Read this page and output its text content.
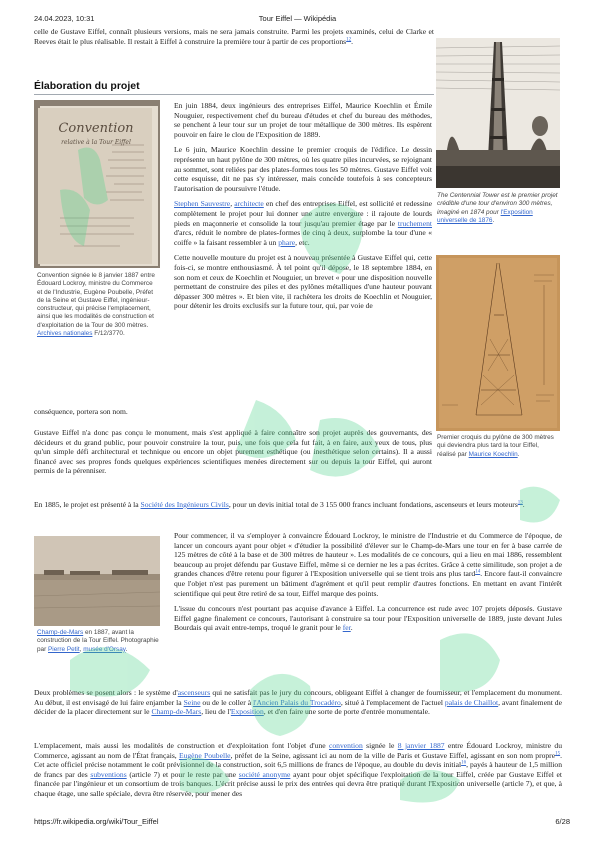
24.04.2023, 10:31	Tour Eiffel — Wikipédia
celle de Gustave Eiffel, connaît plusieurs versions, mais ne sera jamais construite. Parmi les projets examinés, celui de Clarke et Reeves était le plus réalisable. Il restait à Eiffel à construire la première tour à partir de ces proportions$^{12}$.
Élaboration du projet
Convention
relative à la Tour Eiffel
Convention signée le 8 janvier 1887 entre Édouard Lockroy, ministre du Commerce et de l'Industrie, Eugène Poubelle, Préfet de la Seine et Gustave Eiffel, ingénieur-constructeur, qui précise l'emplacement, ainsi que les modalités de construction et d'exploitation de la Tour de 300 mètres. Archives nationales F/12/3770.
The Centennial Tower est le premier projet crédible d'une tour d'environ 300 mètres, imaginé en 1874 pour l'Exposition universelle de 1876.
Premier croquis du pylône de 300 mètres qui deviendra plus tard la tour Eiffel, réalisé par Maurice Koechlin.

En juin 1884, deux ingénieurs des entreprises Eiffel, Maurice Koechlin et Émile Nouguier, respectivement chef du bureau d'études et chef du bureau des méthodes, se penchent à leur tour sur un projet de tour métallique de 300 mètres. Ils espèrent pouvoir en faire le clou de l'Exposition de 1889.

Le 6 juin, Maurice Koechlin dessine le premier croquis de l'édifice. Le dessin représente un haut pylône de 300 mètres, où les quatre piles incurvées, se rejoignant au sommet, sont reliées par des plates-formes tous les 50 mètres. Gustave Eiffel voit cette esquisse, dit ne pas s'y intéresser, mais concède toutefois à ses concepteurs l'autorisation de poursuivre l'étude.

Stephen Sauvestre, architecte en chef des entreprises Eiffel, est sollicité et redessine complètement le projet pour lui donner une autre envergure : il rajoute de lourds pieds en maçonnerie et consolide la tour jusqu'au premier étage par le truchement d'arcs, réduit le nombre de plates-formes de cinq à deux, surplombe la tour d'une « coiffe » la faisant ressembler à un phare, etc.

Cette nouvelle mouture du projet est à nouveau présentée à Gustave Eiffel qui, cette fois-ci, se montre enthousiasmé. À tel point qu'il dépose, le 18 septembre 1884, en son nom et ceux de Koechlin et Nouguier, un brevet « pour une disposition nouvelle permettant de construire des piles et des pylônes métalliques d'une hauteur pouvant dépasser 300 mètres ». Et bien vite, il rachètera les droits de Koechlin et Nouguier, pour détenir les droits exclusifs sur la future tour, qui, par voie de

conséquence, portera son nom.
Gustave Eiffel n'a donc pas conçu le monument, mais s'est appliqué à faire connaître son projet auprès des gouvernants, des décideurs et du grand public, pour pouvoir construire la tour, puis, une fois que cela fut fait, à en faire, aux yeux de tous, plus qu'un simple défi architectural et technique ou encore un objet purement esthétique (ou inesthétique selon certains). Il a aussi financé avec ses propres fonds quelques expériences scientifiques menées directement sur ou depuis la tour Eiffel, qui auront permis de la pérenniser.
En 1885, le projet est présenté à la Société des Ingénieurs Civils, pour un devis initial total de 3 155 000 francs incluant fondations, ascenseurs et leurs moteurs$^{13}$.
Champ-de-Mars en 1887, avant la construction de la Tour Eiffel. Photographie par Pierre Petit, musée d'Orsay.

Pour commencer, il va s'employer à convaincre Édouard Lockroy, le ministre de l'Industrie et du Commerce de l'époque, de lancer un concours ayant pour objet « d'étudier la possibilité d'élever sur le Champ-de-Mars une tour en fer à base carrée de 125 mètres de côté à la base et de 300 mètres de hauteur ». Les modalités de ce concours, qui a lieu en mai 1886, ressemblent beaucoup au projet défendu par Gustave Eiffel, même si ce dernier ne les a pas écrites. Grâce à cette similitude, son projet a de grandes chances d'être retenu pour figurer à l'Exposition universelle qui se tient trois ans plus tard$^{14}$. Encore faut-il convaincre que l'objet n'est pas purement un bâtiment d'agrément et qu'il peut remplir d'autres fonctions. En mettant en avant l'intérêt scientifique qui peut être retiré de sa tour, Eiffel marque des points.

L'issue du concours n'est pourtant pas acquise d'avance à Eiffel. La concurrence est rude avec 107 projets déposés. Gustave Eiffel gagne finalement ce concours, l'autorisant à construire sa tour pour l'Exposition universelle de 1889, juste devant Jules Bourdais qui avait entre-temps, troqué le granit pour le fer.

Deux problèmes se posent alors : le système d'ascenseurs qui ne satisfait pas le jury du concours, obligeant Eiffel à changer de fournisseur, et l'emplacement du monument. Au début, il est envisagé de lui faire enjamber la Seine ou de le coller à l'Ancien Palais du Trocadéro, situé à l'emplacement de l'actuel palais de Chaillot, avant finalement de décider de la placer directement sur le Champ-de-Mars, lieu de l'Exposition, et d'en faire une sorte de porte d'entrée monumentale.
L'emplacement, mais aussi les modalités de construction et d'exploitation font l'objet d'une convention signée le 8 janvier 1887 entre Édouard Lockroy, ministre du Commerce, agissant au nom de l'État français, Eugène Poubelle, préfet de la Seine, agissant ici au nom de la ville de Paris et Gustave Eiffel, agissant en son nom propre$^{15}$. Cet acte officiel précise notamment le coût prévisionnel de la construction, soit 6,5 millions de francs de l'époque, au double du devis initial$^{16}$, payés à hauteur de 1,5 million de francs par des subventions (article 7) et pour le reste par une société anonyme ayant pour objet spécifique l'exploitation de la tour Eiffel, créée par Gustave Eiffel et financée par l'ingénieur et un consortium de trois banques. L'écrit précise aussi le prix des entrées qui devra être pratiqué durant l'Exposition universelle (article 7), et que, à chaque étage, une salle spéciale, devra être réservée, pour mener des
https://fr.wikipedia.org/wiki/Tour_Eiffel	6/28
